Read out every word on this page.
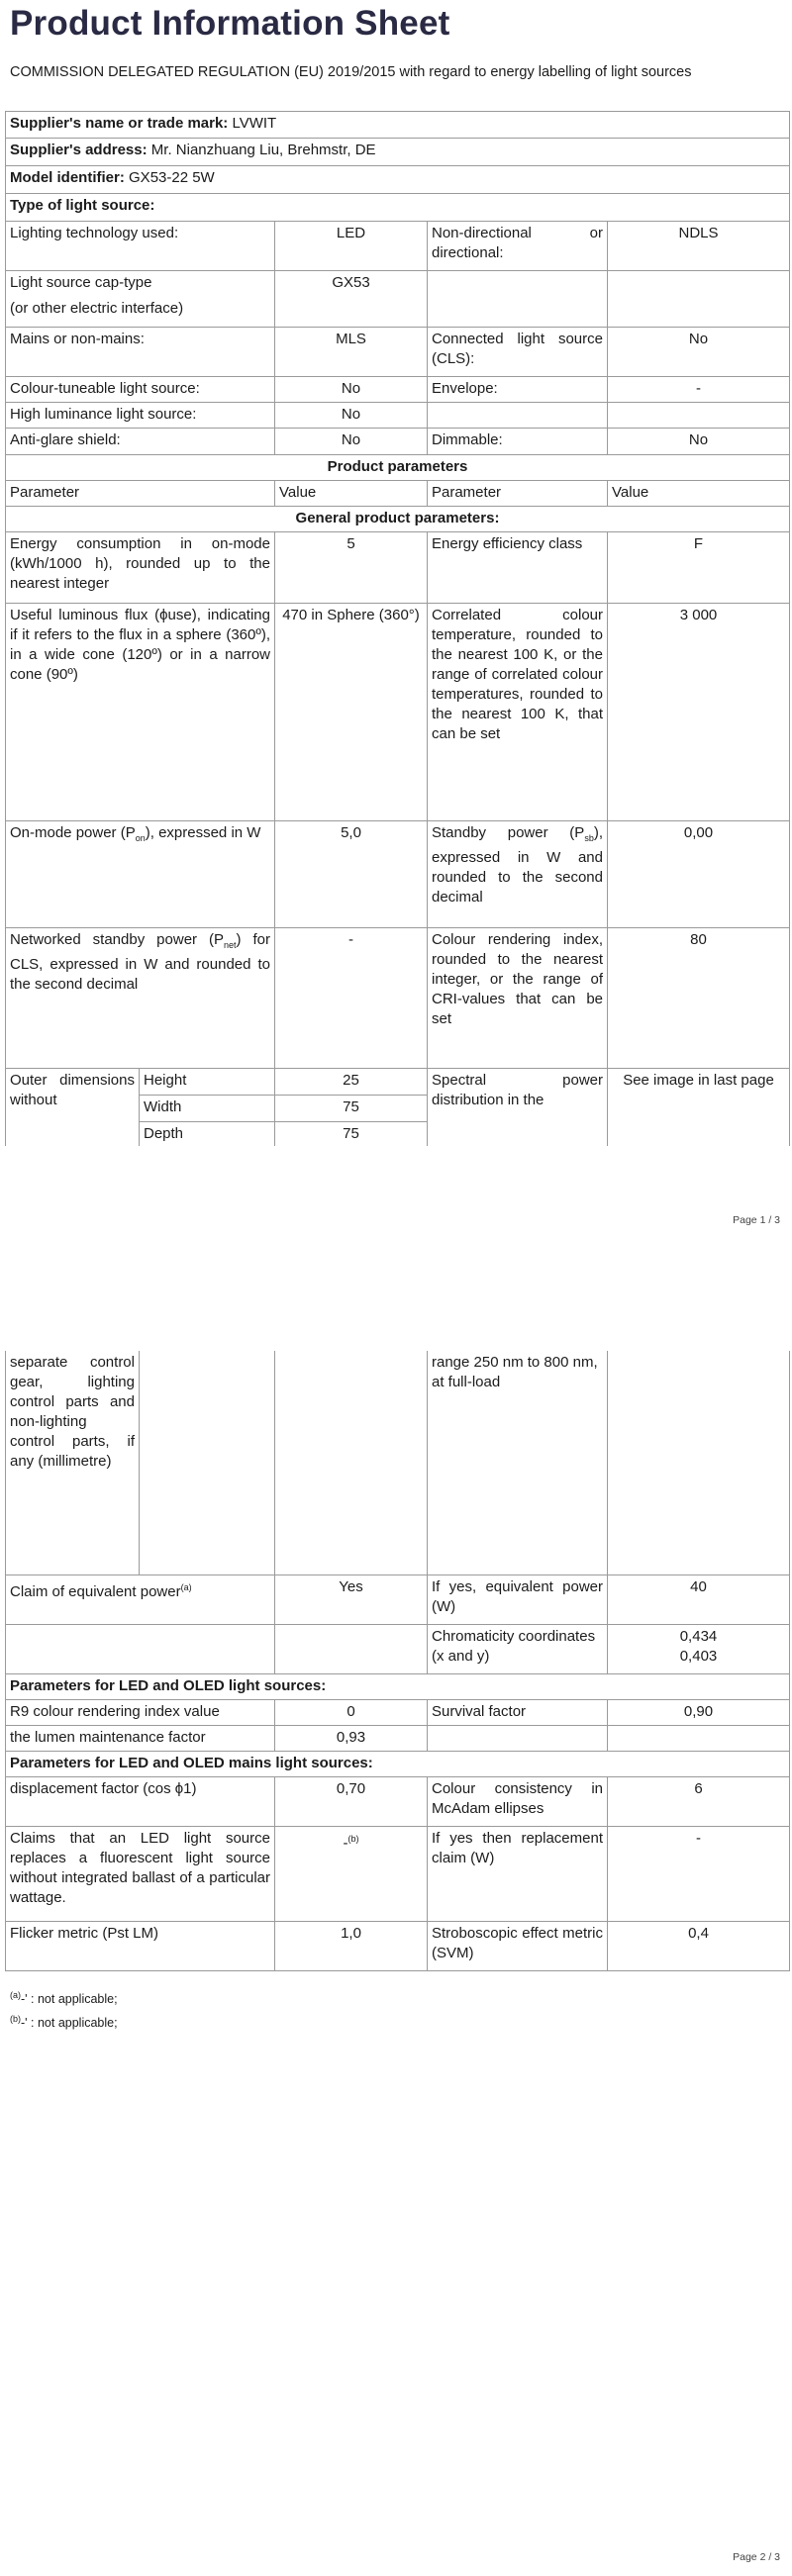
Product Information Sheet
COMMISSION DELEGATED REGULATION (EU) 2019/2015 with regard to energy labelling of light sources
Supplier's name or trade mark: LVWIT
Supplier's address: Mr. Nianzhuang Liu, Brehmstr, DE
Model identifier: GX53-22 5W
Type of light source:
Lighting technology used:	LED	Non-directional or directional:	NDLS

Light source cap-type
(or other electric interface)	GX53		
Mains or non-mains:	MLS	Connected light source (CLS):	No
Colour-tuneable light source:	No	Envelope:	-
High luminance light source:	No		
Anti-glare shield:	No	Dimmable:	No
Product parameters				
Parameter		Value	Parameter	Value
General product parameters:				
Energy consumption in on-mode (kWh/1000 h), rounded up to the nearest integer		5	Energy efficiency class	F
Useful luminous flux (ϕuse), indicating if it refers to the flux in a sphere (360º), in a wide cone (120º) or in a narrow cone (90º)		470 in Sphere (360°)	Correlated colour temperature, rounded to the nearest 100 K, or the range of correlated colour temperatures, rounded to the nearest 100 K, that can be set	3 000
On-mode power $(P_{on})$, expressed in W		5,0	Standby power $(P_{sb})$, expressed in W and rounded to the second decimal	0,00
Networked standby power $(P_{net})$ for CLS, expressed in W and rounded to the second decimal		-	Colour rendering index, rounded to the nearest integer, or the range of CRI-values that can be set	80
Outer dimensions without	Height	25	Spectral power distribution in the	See image in last page
	Width	75		
	Depth	75		
Page 1 / 3
separate control gear, lighting control parts and non-lighting control parts, if any (millimetre)			range 250 nm to 800 nm, at full-load	
Claim of equivalent power$^{(a)}$		Yes	If yes, equivalent power (W)	40
			Chromaticity coordinates (x and y)	0,434
0,403

Parameters for LED and OLED light sources:				
R9 colour rendering index value		0	Survival factor	0,90
the lumen maintenance factor		0,93		
Parameters for LED and OLED mains light sources:				
displacement factor (cos ϕ1)		0,70	Colour consistency in McAdam ellipses	6
Claims that an LED light source replaces a fluorescent light source without integrated ballast of a particular wattage.		-$^{(b)}$	If yes then replacement claim (W)	-
Flicker metric (Pst LM)		1,0	Stroboscopic effect metric (SVM)	0,4
$^{(a)}$-' : not applicable;
$^{(b)}$-' : not applicable;
Page 2 / 3
